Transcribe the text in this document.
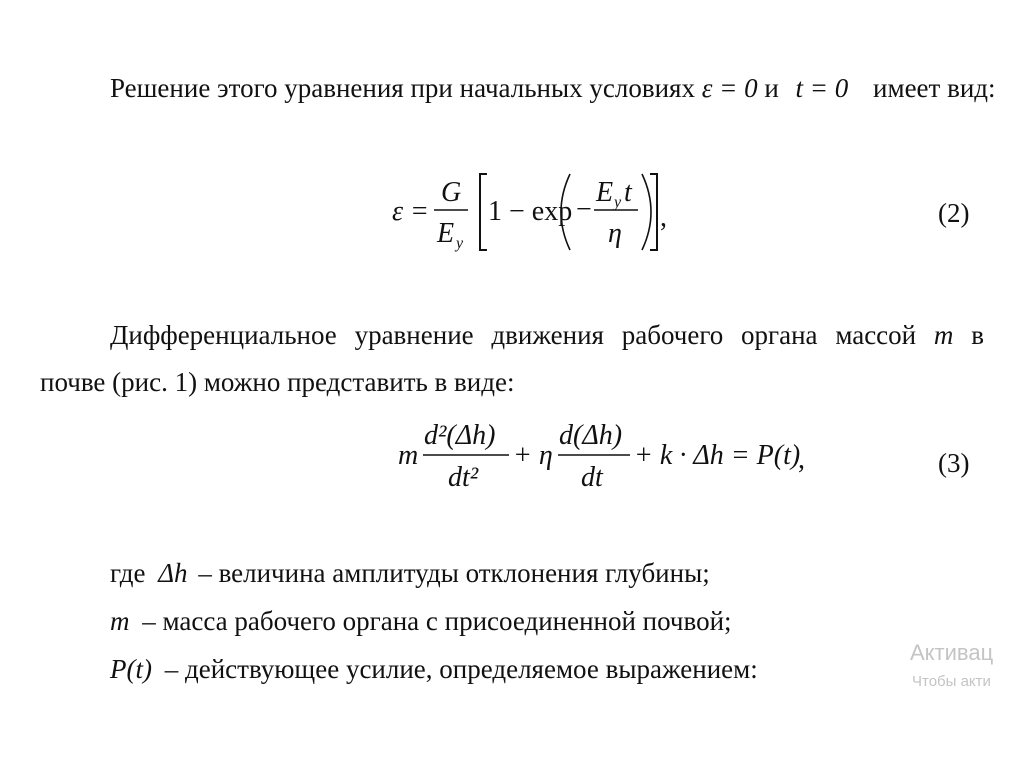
Решение этого уравнения при начальных условиях ε = 0 и t = 0 имеет вид:
ε =
G
E y
1 − exp −
E y t
η
,	(2)
Дифференциальное уравнение движения рабочего органа массой m в
почве (рис. 1) можно представить в виде:
m
d²(Δh)
dt²
+ η
d(Δh)
dt
+ k · Δh = P(t)
,	(3)
где Δh – величина амплитуды отклонения глубины;
m – масса рабочего органа с присоединенной почвой;
P(t) – действующее усилие, определяемое выражением:
Активац
Чтобы акти
